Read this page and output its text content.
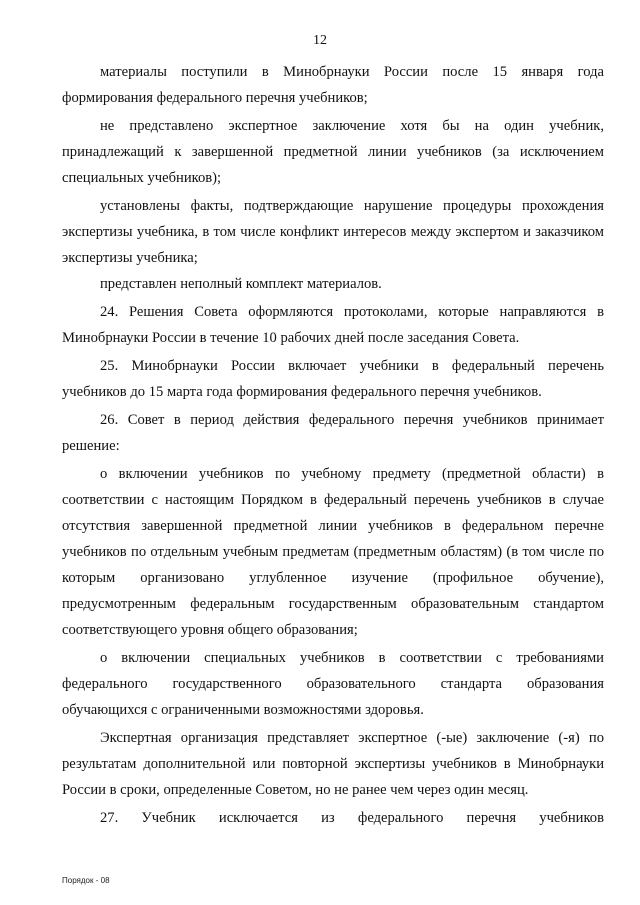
12

материалы поступили в Минобрнауки России после 15 января года формирования федерального перечня учебников;

не представлено экспертное заключение хотя бы на один учебник, принадлежащий к завершенной предметной линии учебников (за исключением специальных учебников);

установлены факты, подтверждающие нарушение процедуры прохождения экспертизы учебника, в том числе конфликт интересов между экспертом и заказчиком экспертизы учебника;

представлен неполный комплект материалов.

24. Решения Совета оформляются протоколами, которые направляются в Минобрнауки России в течение 10 рабочих дней после заседания Совета.

25. Минобрнауки России включает учебники в федеральный перечень учебников до 15 марта года формирования федерального перечня учебников.

26. Совет в период действия федерального перечня учебников принимает решение:

о включении учебников по учебному предмету (предметной области) в соответствии с настоящим Порядком в федеральный перечень учебников в случае отсутствия завершенной предметной линии учебников в федеральном перечне учебников по отдельным учебным предметам (предметным областям) (в том числе по которым организовано углубленное изучение (профильное обучение), предусмотренным федеральным государственным образовательным стандартом соответствующего уровня общего образования;

о включении специальных учебников в соответствии с требованиями федерального государственного образовательного стандарта образования обучающихся с ограниченными возможностями здоровья.

Экспертная организация представляет экспертное (-ые) заключение (-я) по результатам дополнительной или повторной экспертизы учебников в Минобрнауки России в сроки, определенные Советом, но не ранее чем через один месяц.

27. Учебник исключается из федерального перечня учебников

Порядок - 08
